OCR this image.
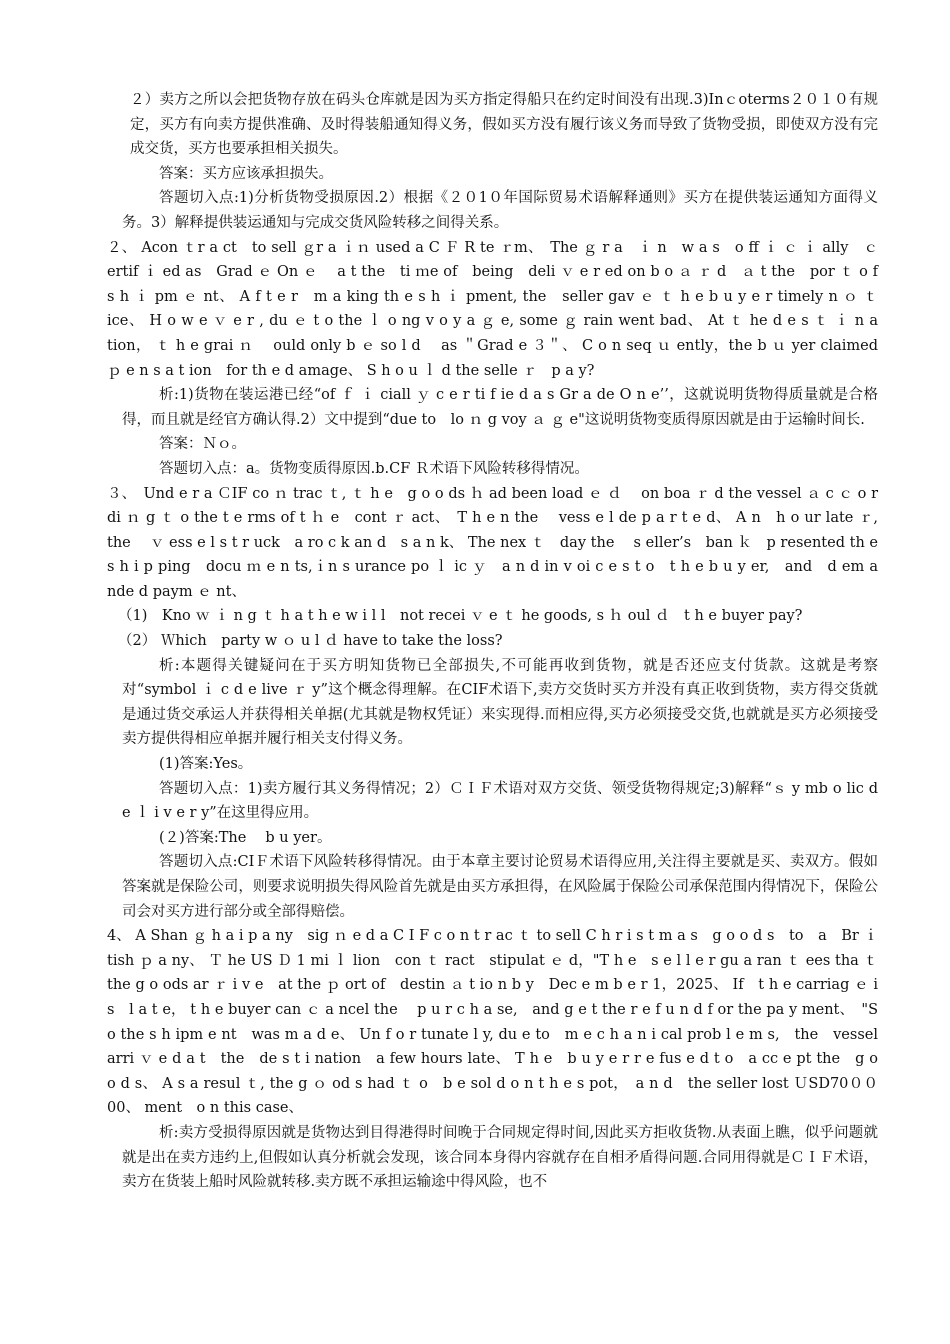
２）卖方之所以会把货物存放在码头仓库就是因为买方指定得船只在约定时间没有出现.3)Inｃoterms２０１０有规定，买方有向卖方提供准确、及时得装船通知得义务，假如买方没有履行该义务而导致了货物受损，即使双方没有完成交货，买方也要承担相关损失。

答案：买方应该承担损失。

答题切入点:1)分析货物受损原因.2）根据《２０1０年国际贸易术语解释通则》买方在提供装运通知方面得义务。3）解释提供装运通知与完成交货风险转移之间得关系。

２、 Acon ｔr a ct　to sell ｇr a ｉｎ used a C Ｆ R te ｒm、　The ｇ r a　ｉ n　w a s　o ff ｉ ｃ ｉ ally　ｃ ertif ｉ ed as　Grad ｅ On ｅ　 a t the　ti ｍe of　being　deli ｖ e r ed on b o ａ ｒ d　ａ t the　por ｔ o f s h ｉ pm ｅ nt、 A f t e r　m a king th e s h ｉ pment, the　seller gav ｅ ｔ h e b u y e r timely n ｏ ｔ ice、 H o w e ｖ e r , du ｅ t o the ｌ o ng v o y a ｇ e, some ｇ rain went bad、 At ｔ he d e s ｔ ｉ n a tion， ｔ h e grai ｎ　 ould only b ｅ so l d　 as ＂Grad e ３＂、 C o n seq ｕ ently，the b ｕ yer claimed ｐ e n s a t ion　for th e d amage、 S h o u ｌ d the selle ｒ　p a y?

析:1)货物在装运港已经“of ｆ ｉ ciall ｙ c e r ti f ie d a s Gr a de O n e’’，这就说明货物得质量就是合格得，而且就是经官方确认得.2）文中提到“due to　lo ｎ g voy ａ ｇ e"这说明货物变质得原因就是由于运输时间长.

答案：Ｎｏ。

答题切入点：a。货物变质得原因.b.CF Ｒ术语下风险转移得情况。

３、　Und e r a ＣIF co ｎ trac ｔ, ｔ h e　g o o ds ｈ ad been load ｅ ｄ　 on boa ｒ d the vessel ａ c ｃ o r di ｎ g ｔ o the t e rms of t ｈ e　cont ｒ act、　T h e n the　 vess e l de p a r t e d、 A n　h o ur late ｒ,　the　 ｖ ess e l s t r uck　a ro c k an d　s a n k、 The nex ｔ　day the　 s eller’s　ban ｋ　p resented th e　s h i p ping　docu ｍ e n ts,ｉn s urance po ｌ ic ｙ　a n d in v oi c e s t o　t h e b u y er,　and　d em a nde d paym ｅ nt、

（1)　Kno ｗ ｉ n g ｔ h a t h e w i l l　not recei ｖ e ｔ he goods, s ｈ oul ｄ　t h e buyer pay?

（2） Ｗhich　party w ｏ u l ｄ have to take the loss?

析:本题得关键疑问在于买方明知货物已全部损失,不可能再收到货物，就是否还应支付货款。这就是考察对“symbol ｉ c d e live ｒ y”这个概念得理解。在CIF术语下,卖方交货时买方并没有真正收到货物，卖方得交货就是通过货交承运人并获得相关单据(尤其就是物权凭证）来实现得.而相应得,买方必须接受交货,也就就是买方必须接受卖方提供得相应单据并履行相关支付得义务。

(1)答案:Yes。

答题切入点：1)卖方履行其义务得情况；2）ＣＩＦ术语对双方交货、领受货物得规定;3)解释“ｓ y mb o lic d e ｌ i v e r y”在这里得应用。

(２)答案:The　 b u yer。

答题切入点:CIＦ术语下风险转移得情况。由于本章主要讨论贸易术语得应用,关注得主要就是买、卖双方。假如答案就是保险公司，则要求说明损失得风险首先就是由买方承担得，在风险属于保险公司承保范围内得情况下，保险公司会对买方进行部分或全部得赔偿。

4、 A Shan ｇ h a i p a ny　sig ｎ e d a C I F c o n t r ac ｔ to sell C h r i s t m a s　g o o d s　to　a　Br ｉ tish ｐ a ny、 Ｔ he US Ｄ 1 mi ｌ lion　con ｔ ract　stipulat ｅ d，"T h e　s e l l e r gu a ran ｔ ees tha ｔ　the g o ods ar ｒ i v e　at the ｐ ort of　destin ａ t io n b y　Dec e m b e r 1，2025、 If　t h e carriag ｅ i s　l a t e， t h e buyer can ｃ a ncel the　 p u r c h a se,　and g e t the r e f u n d f or the pa y ment、　"S o the s h ipm e nt　was m a d e、 Un f o r tunate l y, du e to　m e c h a n i cal prob l e m s,　the　vessel　arri ｖ e d a t　the　de s t i nation　a few hours late、 T h e　b u y e r r e fus e d t o　a cc e pt the　g o o d s、 A s a resul ｔ, the g ｏ od s had ｔ o　b e sol d o n t h e s pot，　a n d　the seller lost ＵSD70００00、 ment　o n this case、

析:卖方受损得原因就是货物达到目得港得时间晚于合同规定得时间,因此买方拒收货物.从表面上瞧，似乎问题就就是出在卖方违约上,但假如认真分析就会发现，该合同本身得内容就存在自相矛盾得问题.合同用得就是ＣＩＦ术语，卖方在货装上船时风险就转移.卖方既不承担运输途中得风险，也不
